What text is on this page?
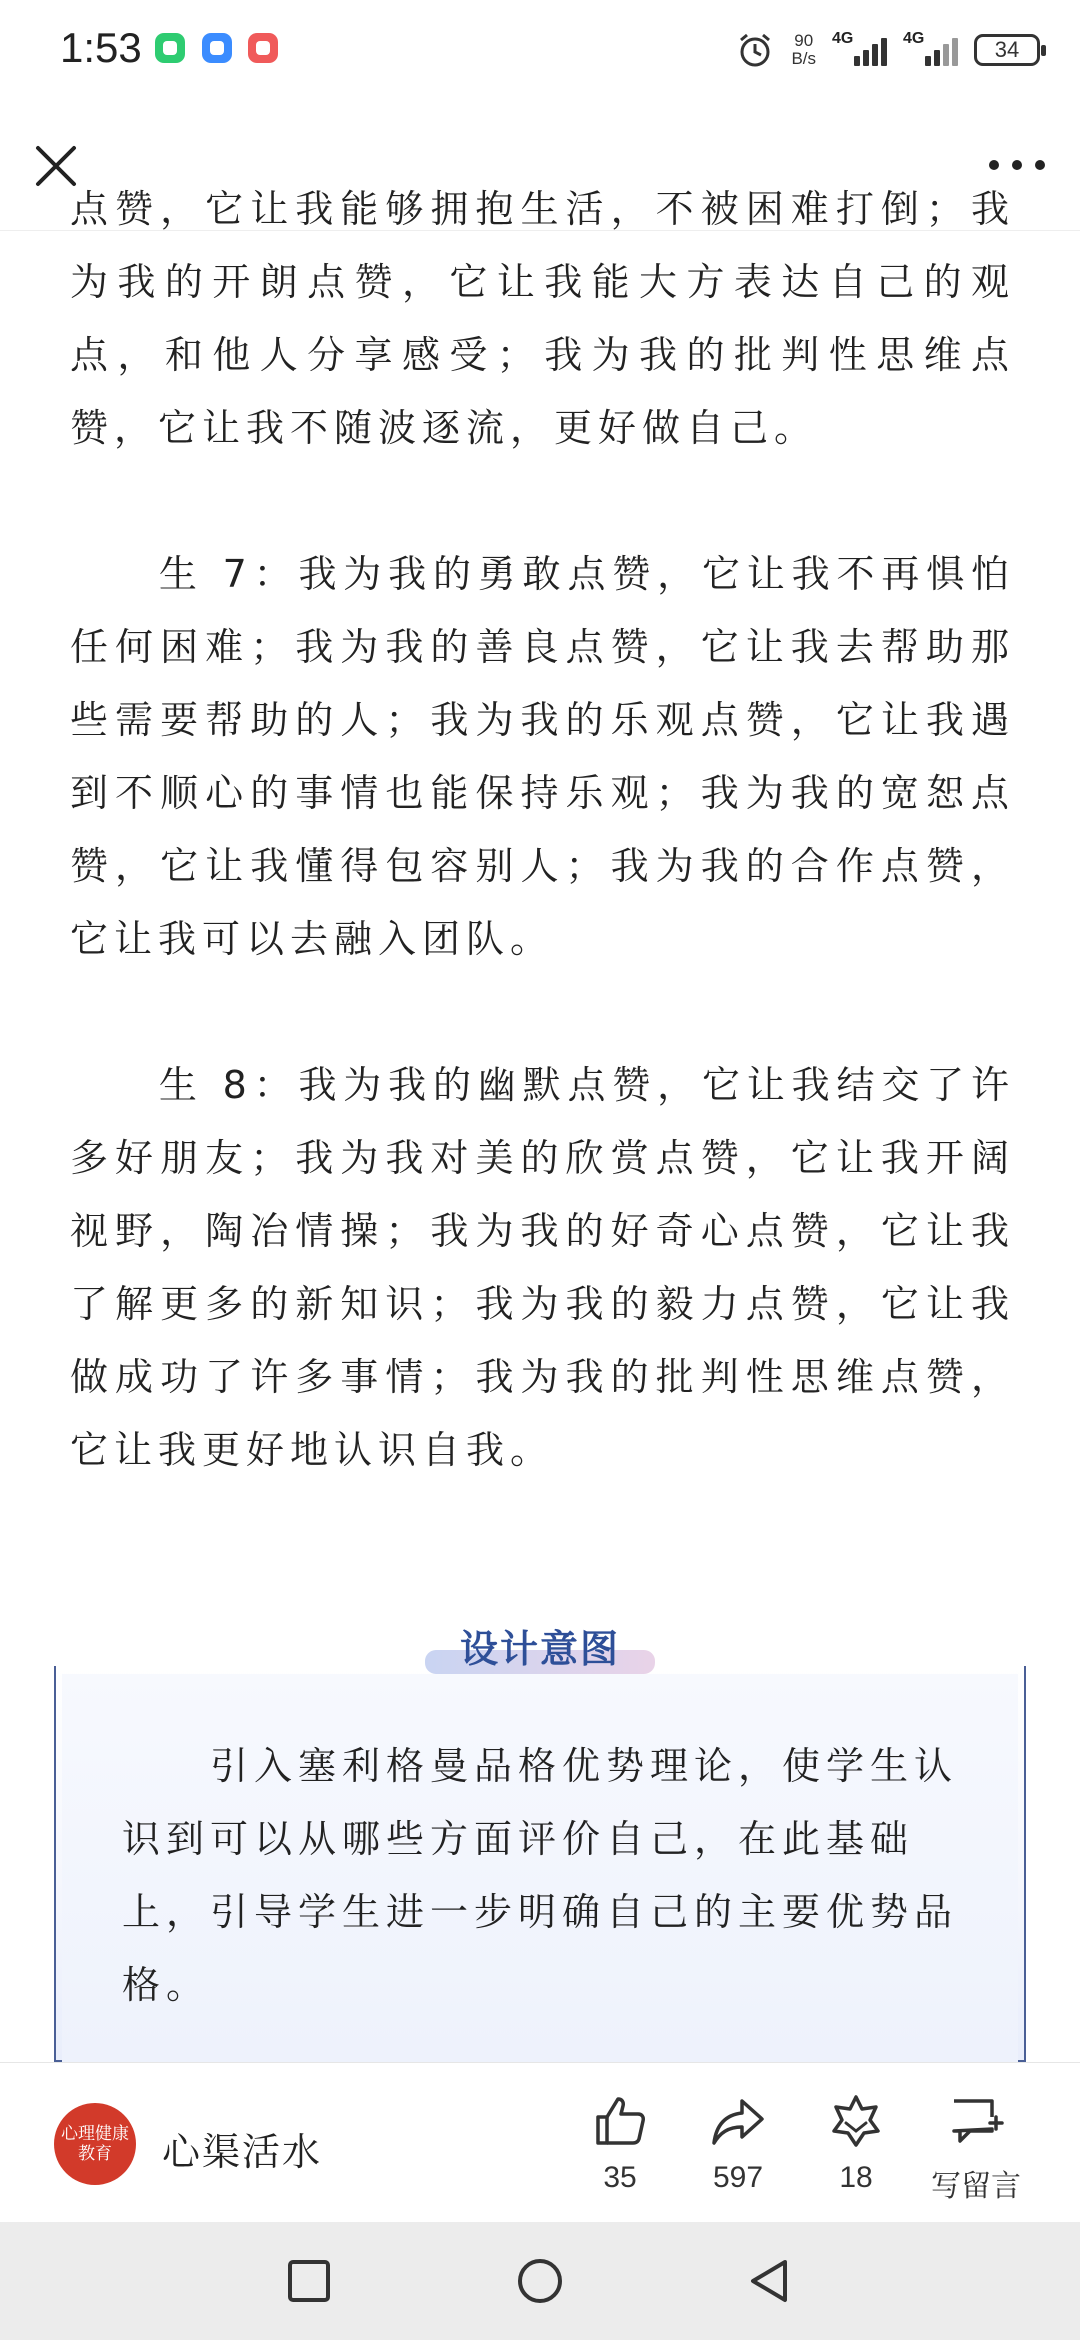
1:53	90
B/s
4G	4G	34

点赞，它让我能够拥抱生活，不被困难打倒；我为我的开朗点赞，它让我能大方表达自己的观点，和他人分享感受；我为我的批判性思维点赞，它让我不随波逐流，更好做自己。

生 7：我为我的勇敢点赞，它让我不再惧怕任何困难；我为我的善良点赞，它让我去帮助那些需要帮助的人；我为我的乐观点赞，它让我遇到不顺心的事情也能保持乐观；我为我的宽恕点赞，它让我懂得包容别人；我为我的合作点赞，它让我可以去融入团队。

生 8：我为我的幽默点赞，它让我结交了许多好朋友；我为我对美的欣赏点赞，它让我开阔视野，陶冶情操；我为我的好奇心点赞，它让我了解更多的新知识；我为我的毅力点赞，它让我做成功了许多事情；我为我的批判性思维点赞，它让我更好地认识自我。

设计意图
引入塞利格曼品格优势理论，使学生认识到可以从哪些方面评价自己，在此基础上，引导学生进一步明确自己的主要优势品格。
心理健康教育	心渠活水
35	597	18	写留言
